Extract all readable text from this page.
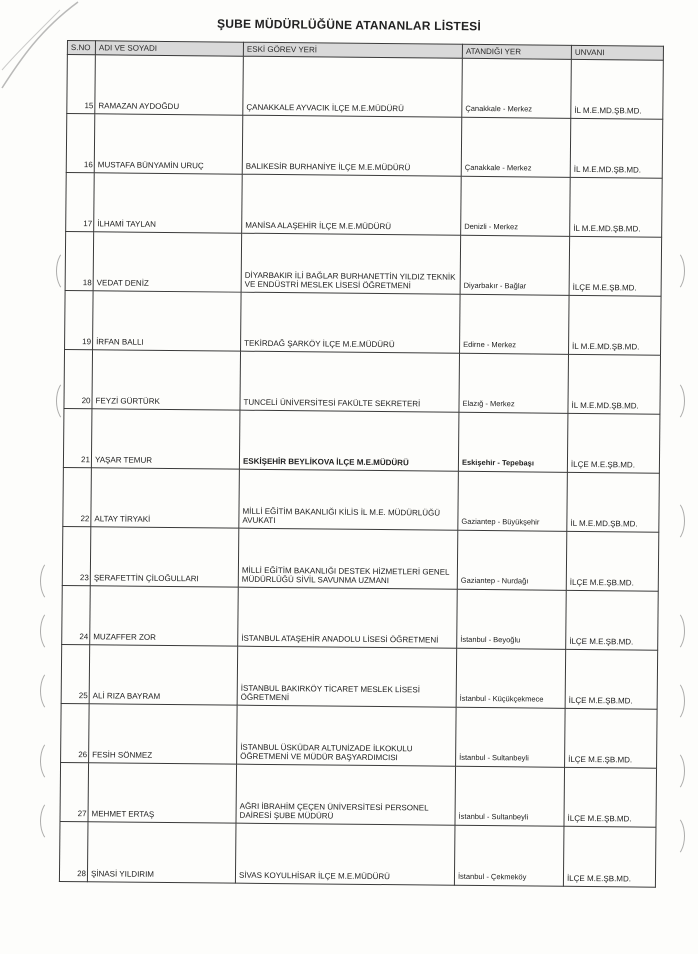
ŞUBE MÜDÜRLÜĞÜNE ATANANLAR LİSTESİ
S.NO	ADI VE SOYADI	ESKİ GÖREV YERİ	ATANDIĞI YER	UNVANI
15	RAMAZAN AYDOĞDU	ÇANAKKALE AYVACIK İLÇE M.E.MÜDÜRÜ	Çanakkale - Merkez	İL M.E.MD.ŞB.MD.
16	MUSTAFA BÜNYAMİN URUÇ	BALIKESİR BURHANİYE İLÇE M.E.MÜDÜRÜ	Çanakkale - Merkez	İL M.E.MD.ŞB.MD.
17	İLHAMİ TAYLAN	MANİSA ALAŞEHİR İLÇE M.E.MÜDÜRÜ	Denizli - Merkez	İL M.E.MD.ŞB.MD.
18	VEDAT DENİZ	DİYARBAKIR İLİ BAĞLAR BURHANETTİN YILDIZ TEKNİK VE ENDÜSTRİ MESLEK LİSESİ ÖĞRETMENİ	Diyarbakır - Bağlar	İLÇE M.E.ŞB.MD.
19	İRFAN BALLI	TEKİRDAĞ ŞARKÖY İLÇE M.E.MÜDÜRÜ	Edirne - Merkez	İL M.E.MD.ŞB.MD.
20	FEYZİ GÜRTÜRK	TUNCELİ ÜNİVERSİTESİ FAKÜLTE SEKRETERİ	Elazığ - Merkez	İL M.E.MD.ŞB.MD.
21	YAŞAR TEMUR	ESKİŞEHİR BEYLİKOVA İLÇE M.E.MÜDÜRÜ	Eskişehir - Tepebaşı	İLÇE M.E.ŞB.MD.
22	ALTAY TİRYAKİ	MİLLİ EĞİTİM BAKANLIĞI KİLİS İL M.E. MÜDÜRLÜĞÜ AVUKATI	Gaziantep - Büyükşehir	İL M.E.MD.ŞB.MD.
23	ŞERAFETTİN ÇİLOĞULLARI	MİLLİ EĞİTİM BAKANLIĞI DESTEK HİZMETLERİ GENEL MÜDÜRLÜĞÜ SİVİL SAVUNMA UZMANI	Gaziantep - Nurdağı	İLÇE M.E.ŞB.MD.
24	MUZAFFER ZOR	İSTANBUL ATAŞEHİR ANADOLU LİSESİ ÖĞRETMENİ	İstanbul - Beyoğlu	İLÇE M.E.ŞB.MD.
25	ALİ RIZA BAYRAM	İSTANBUL BAKIRKÖY TİCARET MESLEK LİSESİ ÖĞRETMENİ	İstanbul - Küçükçekmece	İLÇE M.E.ŞB.MD.
26	FESİH SÖNMEZ	İSTANBUL ÜSKÜDAR ALTUNİZADE İLKOKULU ÖĞRETMENİ VE MÜDÜR BAŞYARDIMCISI	İstanbul - Sultanbeyli	İLÇE M.E.ŞB.MD.
27	MEHMET ERTAŞ	AĞRI İBRAHİM ÇEÇEN ÜNİVERSİTESİ PERSONEL DAİRESİ ŞUBE MÜDÜRÜ	İstanbul - Sultanbeyli	İLÇE M.E.ŞB.MD.
28	ŞİNASİ YILDIRIM	SİVAS KOYULHİSAR İLÇE M.E.MÜDÜRÜ	İstanbul - Çekmeköy	İLÇE M.E.ŞB.MD.
